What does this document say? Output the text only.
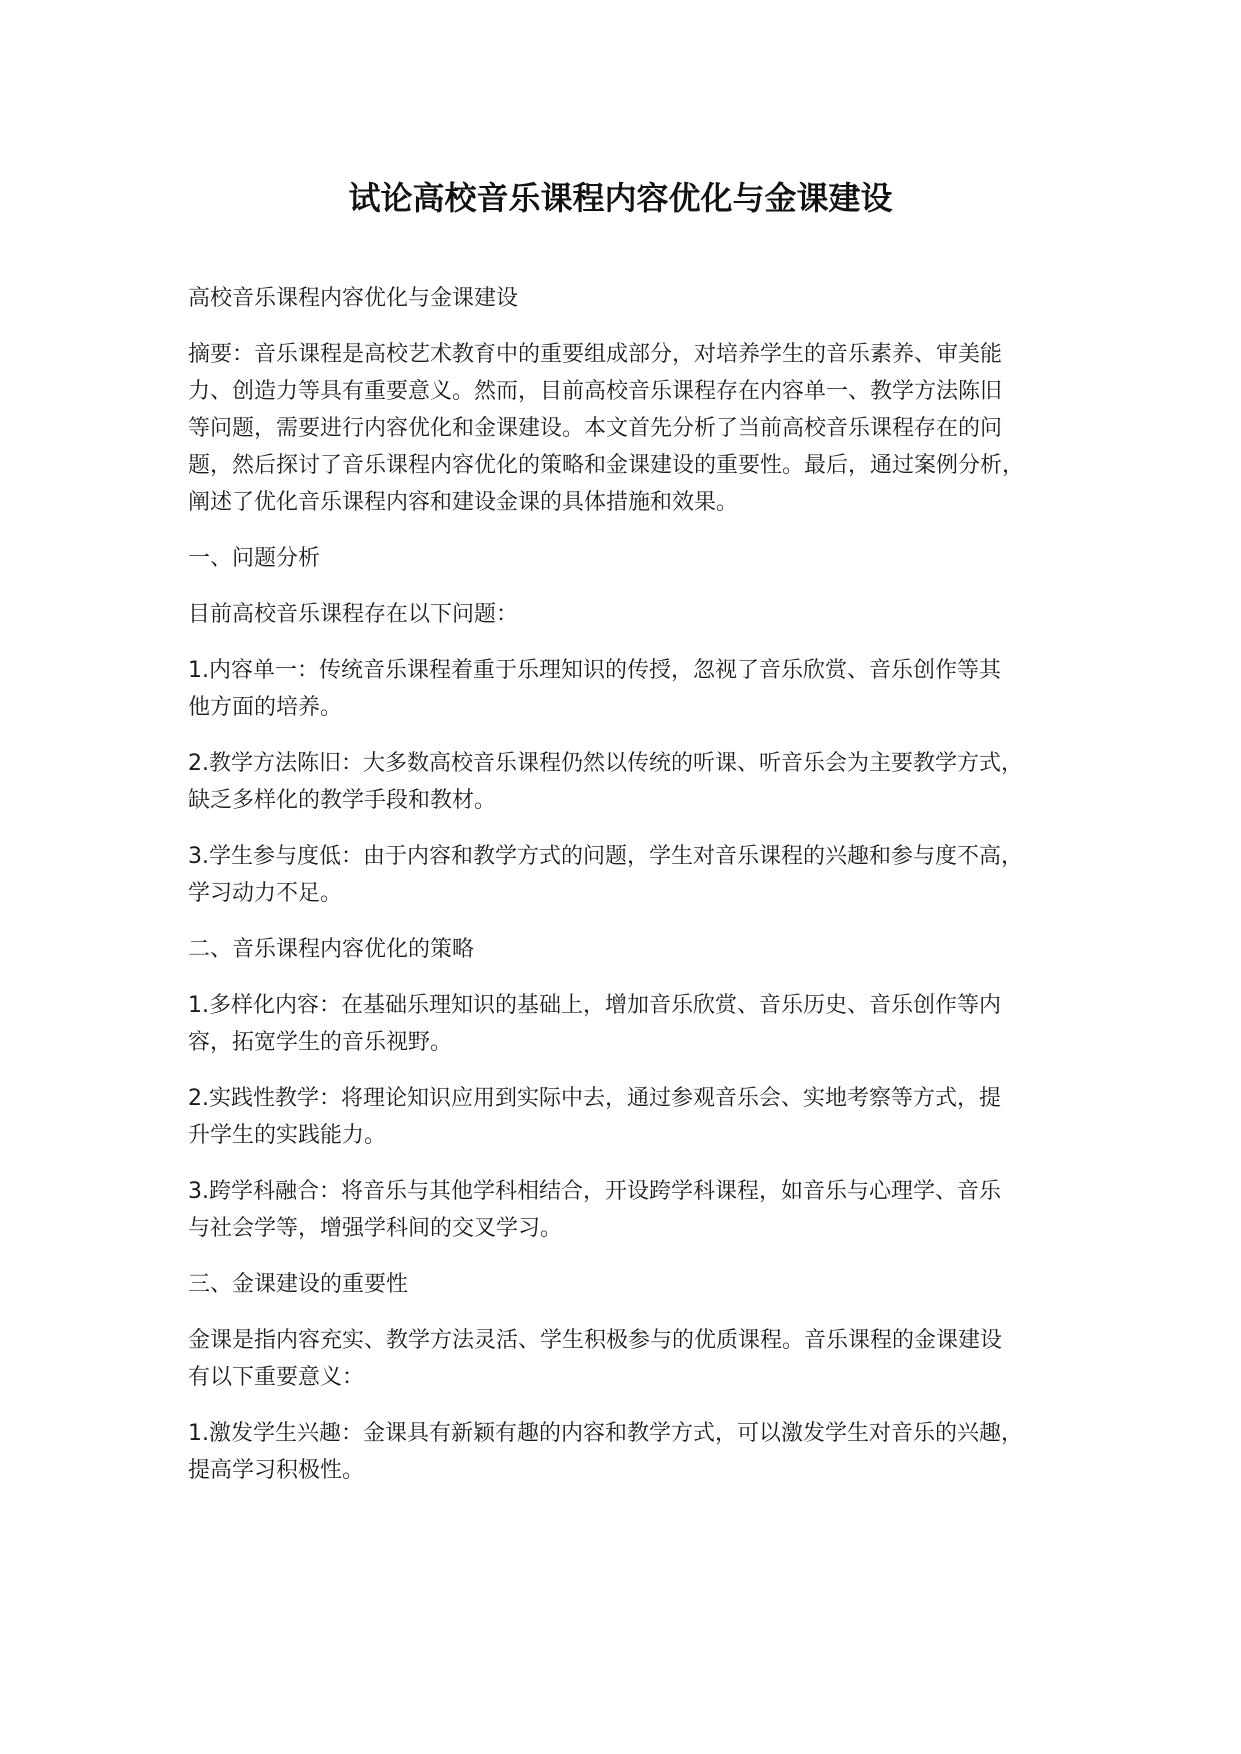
试论高校音乐课程内容优化与金课建设

高校音乐课程内容优化与金课建设

摘要：音乐课程是高校艺术教育中的重要组成部分，对培养学生的音乐素养、审美能
力、创造力等具有重要意义。然而，目前高校音乐课程存在内容单一、教学方法陈旧
等问题，需要进行内容优化和金课建设。本文首先分析了当前高校音乐课程存在的问
题，然后探讨了音乐课程内容优化的策略和金课建设的重要性。最后，通过案例分析，
阐述了优化音乐课程内容和建设金课的具体措施和效果。

一、问题分析

目前高校音乐课程存在以下问题：

1.内容单一：传统音乐课程着重于乐理知识的传授，忽视了音乐欣赏、音乐创作等其
他方面的培养。

2.教学方法陈旧：大多数高校音乐课程仍然以传统的听课、听音乐会为主要教学方式，
缺乏多样化的教学手段和教材。

3.学生参与度低：由于内容和教学方式的问题，学生对音乐课程的兴趣和参与度不高，
学习动力不足。

二、音乐课程内容优化的策略

1.多样化内容：在基础乐理知识的基础上，增加音乐欣赏、音乐历史、音乐创作等内
容，拓宽学生的音乐视野。

2.实践性教学：将理论知识应用到实际中去，通过参观音乐会、实地考察等方式，提
升学生的实践能力。

3.跨学科融合：将音乐与其他学科相结合，开设跨学科课程，如音乐与心理学、音乐
与社会学等，增强学科间的交叉学习。

三、金课建设的重要性

金课是指内容充实、教学方法灵活、学生积极参与的优质课程。音乐课程的金课建设
有以下重要意义：

1.激发学生兴趣：金课具有新颖有趣的内容和教学方式，可以激发学生对音乐的兴趣，
提高学习积极性。
